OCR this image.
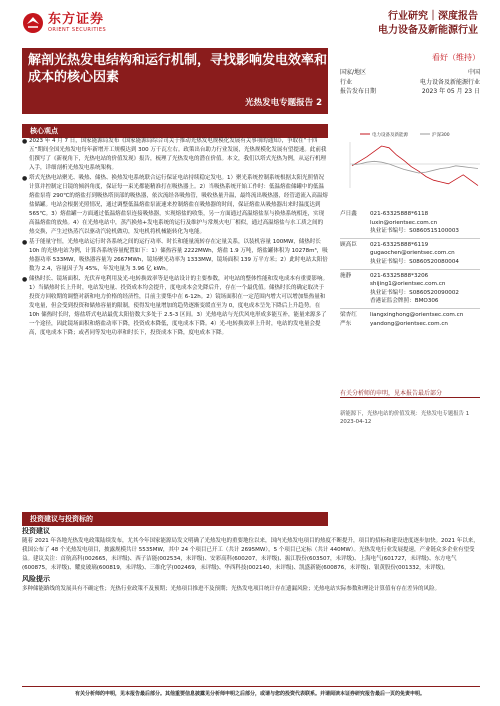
东方证券
ORIENT SECURITIES
行业研究｜深度报告
电力设备及新能源行业
解剖光热发电结构和运行机制，寻找影响发电效率和成本的核心因素
光热发电专题报告 2
看好（维持）
国家/地区	中国
行业	电力设备及新能源行业
报告发布日期	2023 年 05 月 23 日
电力设备及新能源	沪深300
卢日鑫	021-63325888*6118
luxin@orientsec.com.cn
执业证书编号：S0860515100003
顾高臣	021-63325888*6119
gugaochen@orientsec.com.cn
执业证书编号：S0860520080004
施静	021-63325888*3206
shijing1@orientsec.com.cn
执业证书编号：S0860520090002
香港证监会牌照：BMO306
梁杏红	liangxinghong@orientsec.com.cn
严东	yandong@orientsec.com.cn
有关分析师的申明，见本报告最后部分
新能源下，光热电站的价值发现：光热发电专题报告 1　2023-04-12
核心观点
● 2023 年 4 月 7 日，国家能源局发布《国家能源局综合司关于推动光热发电规模化发展有关事项的通知》，争取在“十四五”期间全国光热发电每年新增开工规模达到 300 万千瓦左右。政策出台助力行业发展，光热规模化发展有望提速。此前我们撰写了《新视角下，光热电站的价值发现》报告，梳理了光热发电的潜在价值。本文，我们以塔式光热为例，从运行机理入手，详细剖析光热发电系统架构。
● 塔式光热电站聚光、吸热、储热、换热发电系统联合运行保证电站持续稳定发电。1）聚光系统控制系统根据太阳光照情况计算并控制定日镜的倾斜角度，保证每一束光都能精准打在吸热器上。2）当吸热系统开始工作时：低温熔盐储罐中的低温熔盐泵将 290℃的熔盐打到吸热塔顶部的吸热器，依次流经各吸热管，吸收热量升温，最终流出吸热器，经管道流入高温熔盐储罐。电站会根据光照情况，通过调整低温熔盐泵流速来控制熔盐在吸热器的时间，保证熔盐从吸热器出来时温度达到 565℃。3）熔盐罐一方面通过低温熔盐泵连接吸热器，实现熔盐的收集，另一方面通过高温熔盐泵与换热系统相连，实现高温熔盐的放热。4）在光热电站中，蒸汽换热+发电系统的运行及维护与常规火电厂相似，通过高温熔盐与水工质之间的热交换，产生过热蒸汽以驱动汽轮机做功，发电机将机械能转化为电能。
● 基于能量守恒，光热电站运行时各系统之间的运行功率、时长和能量流转存在定量关系，以装机容量 100MW，储热时长 10h 的光热电站为例，计算各系统容量配置如下：1）储热容量 2222MWh，熔盐 1.9 万吨，熔盐罐体积为 10278m³，吸热器功率 533MW，吸热器容量为 2667MWh，镜场聚光功率为 1333MW，镜场面积 139 万平方米；2）此时电站太阳倍数为 2.4，容量因子为 45%，年发电量为 3.96 亿 kWh。
● 储热时长、镜场面积、光伏弃电利用及光-电转换效率等是电站设计的主要参数，对电站的整体性能和发电成本有重要影响。1）当储热时长上升时，电站发电量、投资成本均会提升，度电成本会先降后升，存在一个最优值。储热时长的确定取决于投资方回收期的调整对新和电力价格的经济性，目前主要集中在 6-12h。2）镜场面积在一定范围内增大可以增加集热量和发电量，但会受到投资和储热容量的限制，使得发电量增加的趋势逐渐变缓直至为 0，度电成本呈先下降后上升趋势。在 10h 储热时长时，熔盐塔式电站最优太阳倍数大多处于 2.5-3 区间。3）光热电站与光伏风电形成多能互补，能量来源多了一个途径，因此镜场面积和熔盐动率下降，投资成本降低，度电成本下降。4）光-电转换效率上升时，电站的发电量会提高，度电成本下降；或者同等发电功率和时长下，投资成本下降，度电成本下降。
投资建议与投资标的
投资建议
随着 2021 年各地光热发电政策陆续发布，尤其今年国家能源局发文明确了光热发电的重要地位以来，国内光热发电项目的热度不断提升，项目的招标和建设进度逐步加快。2021 年以来，我国公布了 48 个光热发电项目，披露规模共计 5535MW，其中 24 个项目已开工（共计 2695MW），5 个项目已定标（共计 440MW）。光热发电行业发展提速，产业链众多企业有望受益。建议关注：首航高科(002665，未评级)、西子洁能(002534，未评级)、安彩高科(600207，未评级)、振江股份(603507，未评级)、上海电气(601727，未评级)、东方电气(600875，未评级)、耀皮玻璃(600819，未评级)、三维化学(002469，未评级)、华西科技(002140，未评级)、凯盛新能(600876，未评级)、银黄股份(001332，未评级)。
风险提示
多种储能路线的发展具有不确定性；光热行业政策不及预期；光热项目推进不及预期；光热发电项目统计存在遗漏风险；光热电站实际参数和理论计算值有存在差异的风险。
有关分析师的申明，见本报告最后部分。其他重要信息披露见分析师申明之后部分，或请与您的投资代表联系。并请阅读本证券研究报告最后一页的免责申明。
